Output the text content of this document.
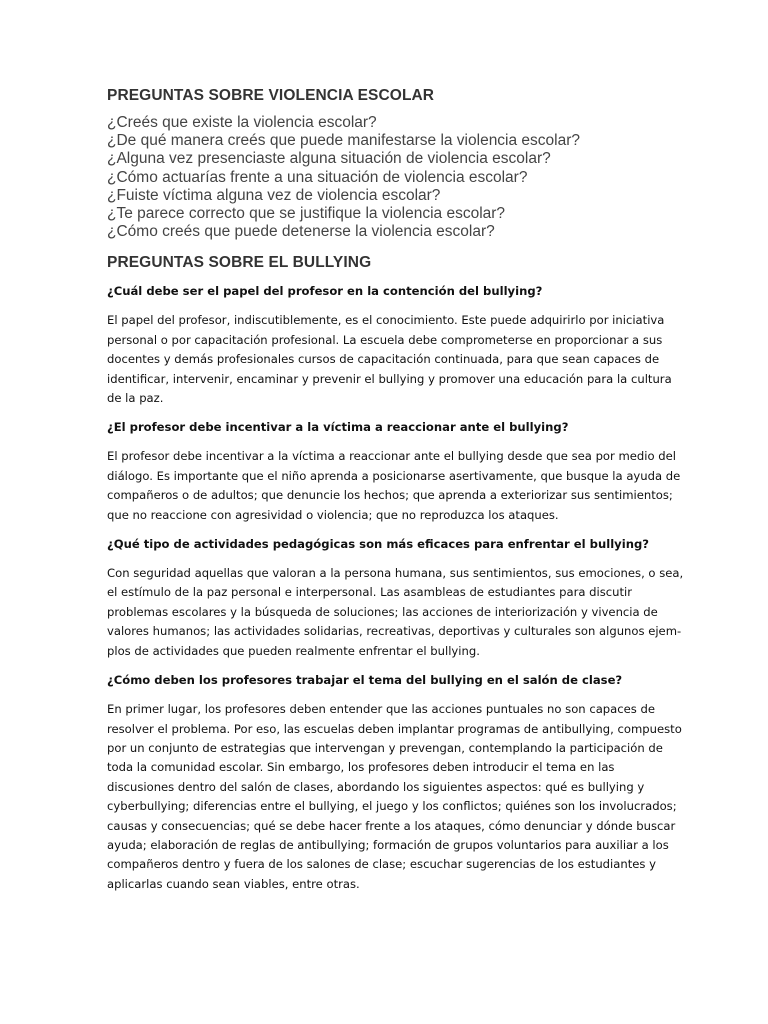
PREGUNTAS SOBRE VIOLENCIA ESCOLAR
¿Creés que existe la violencia escolar?
¿De qué manera creés que puede manifestarse la violencia escolar?
¿Alguna vez presenciaste alguna situación de violencia escolar?
¿Cómo actuarías frente a una situación de violencia escolar?
¿Fuiste víctima alguna vez de violencia escolar?
¿Te parece correcto que se justifique la violencia escolar?
¿Cómo creés que puede detenerse la violencia escolar?
PREGUNTAS SOBRE EL BULLYING

¿Cuál debe ser el papel del profesor en la contención del bullying?

El papel del profesor, indiscutiblemente, es el conocimiento. Este puede adquirirlo por iniciativa
personal o por capacitación profesional. La escuela debe comprometerse en proporcionar a sus
docentes y demás profesionales cursos de capacitación continuada, para que sean capaces de
identificar, intervenir, encaminar y prevenir el bullying y promover una educación para la cultura
de la paz.

¿El profesor debe incentivar a la víctima a reaccionar ante el bullying?

El profesor debe incentivar a la víctima a reaccionar ante el bullying desde que sea por medio del
diálogo. Es importante que el niño aprenda a posicionarse asertivamente, que busque la ayuda de
compañeros o de adultos; que denuncie los hechos; que aprenda a exteriorizar sus sentimientos;
que no reaccione con agresividad o violencia; que no reproduzca los ataques.

¿Qué tipo de actividades pedagógicas son más eficaces para enfrentar el bullying?

Con seguridad aquellas que valoran a la persona humana, sus sentimientos, sus emociones, o sea,
el estímulo de la paz personal e interpersonal. Las asambleas de estudiantes para discutir
problemas escolares y la búsqueda de soluciones; las acciones de interiorización y vivencia de
valores humanos; las actividades solidarias, recreativas, deportivas y culturales son algunos ejem-
plos de actividades que pueden realmente enfrentar el bullying.

¿Cómo deben los profesores trabajar el tema del bullying en el salón de clase?

En primer lugar, los profesores deben entender que las acciones puntuales no son capaces de
resolver el problema. Por eso, las escuelas deben implantar programas de antibullying, compuesto
por un conjunto de estrategias que intervengan y prevengan, contemplando la participación de
toda la comunidad escolar. Sin embargo, los profesores deben introducir el tema en las
discusiones dentro del salón de clases, abordando los siguientes aspectos: qué es bullying y
cyberbullying; diferencias entre el bullying, el juego y los conflictos; quiénes son los involucrados;
causas y consecuencias; qué se debe hacer frente a los ataques, cómo denunciar y dónde buscar
ayuda; elaboración de reglas de antibullying; formación de grupos voluntarios para auxiliar a los
compañeros dentro y fuera de los salones de clase; escuchar sugerencias de los estudiantes y
aplicarlas cuando sean viables, entre otras.
